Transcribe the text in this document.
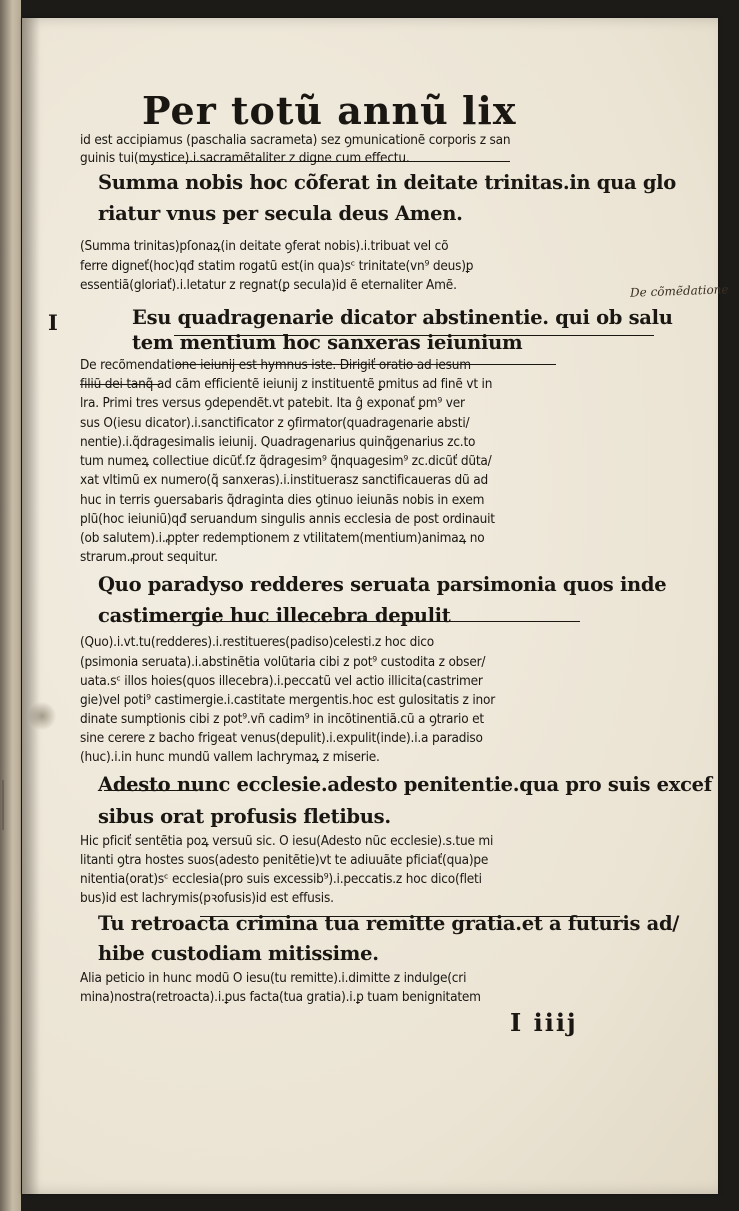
Per totũ annũ lix
I
De cõmẽdatione
id est accipiamus (paschalia sacrameta) sez ꝯmunicationẽ corporis z san
guinis tui(mystice).i.sacramẽtaliter z digne cum effectu.
Summa nobis hoc cõferat in deitate trinitas.in qua glo
riatur vnus per secula deus Amen.
(Summa trinitas)pſonaꝝ(in deitate ꝯferat nobis).i.tribuat vel cõ
ferre digneť(hoc)qđ statim rogatũ est(in qua)sᶜ trinitate(vn⁹ deus)ꝑ
essentiã(gloriať).i.letatur z regnat(ꝑ secula)id ẽ eternaliter Amẽ.
Esu quadragenarie dicator abstinentie. qui ob salu
tem mentium hoc sanxeras ieiunium
De recõmendatione ieiunij est hymnus iste. Dirigiť oratio ad iesum
filiũ dei tanq̃ ad cãm efficientẽ ieiunij z instituentẽ ꝑmitus ad finẽ vt in
lra. Primi tres versus ꝯdependẽt.vt patebit. Ita ĝ exponať ꝑm⁹ ver
sus O(iesu dicator).i.sanctificator z ꝯfirmator(quadragenarie absti/
nentie).i.q̃dragesimalis ieiunij. Quadragenarius quinq̃genarius zc.to
tum numeꝝ collectiue dicũť.ſz q̃dragesim⁹ q̃nquagesim⁹ zc.dicũť dũta/
xat vltimũ ex numero(q̃ sanxeras).i.instituerasz sanctificaueras dũ ad
huc in terris ꝯuersabaris q̃draginta dies ꝯtinuo ieiunãs nobis in exem
plũ(hoc ieiuniũ)qđ seruandum singulis annis ecclesia de post ordinauit
(ob salutem).i.ꝓpter redemptionem z vtilitatem(mentium)animaꝝ no
strarum.ꝓrout sequitur.
Quo paradyso redderes seruata parsimonia quos inde
castimergie huc illecebra depulit
(Quo).i.vt.tu(redderes).i.restitueres(padiso)celesti.z hoc dico
(psimonia seruata).i.abstinẽtia volũtaria cibi z pot⁹ custodita z obser/
uata.sᶜ illos hoies(quos illecebra).i.peccatũ vel actio illicita(castrimer
gie)vel poti⁹ castimergie.i.castitate mergentis.hoc est gulositatis z inor
dinate sumptionis cibi z pot⁹.vñ cadim⁹ in incõtinentiã.cũ a ꝯtrario et
sine cerere z bacho frigeat venus(depulit).i.expulit(inde).i.a paradiso
(huc).i.in hunc mundũ vallem lachrymaꝝ z miserie.
Adesto nunc ecclesie.adesto penitentie.qua pro suis excef
sibus orat profusis fletibus.
Hic pficiť sentẽtia poꝝ versuũ sic. O iesu(Adesto nũc ecclesie).s.tue mi
litanti ꝯtra hostes suos(adesto penitẽtie)vt te adiuuãte pficiať(qua)pe
nitentia(orat)sᶜ ecclesia(pro suis excessib⁹).i.peccatis.z hoc dico(fleti
bus)id est lachrymis(pꝛofusis)id est effusis.
Tu retroacta crimina tua remitte gratia.et a futuris ad/
hibe custodiam mitissime.
Alia peticio in hunc modũ O iesu(tu remitte).i.dimitte z indulge(cri
mina)nostra(retroacta).i.ꝑus facta(tua gratia).i.ꝑ tuam benignitatem
I iiij
